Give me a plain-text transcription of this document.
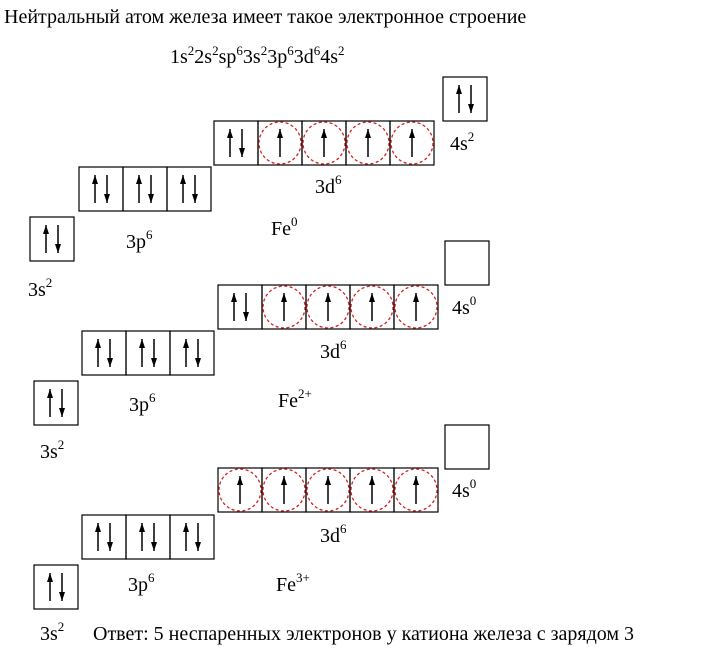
Нейтральный атом железа имеет такое электронное строение
$1s^22s^2sp^63s^23p^63d^64s^2$
$3s^2$
$3p^6$
$3d^6$
$4s^2$
Fe$^0$
$3s^2$
$3p^6$
$3d^6$
$4s^0$
$Fe^{2+}$
$3s^2$
$3p^6$
$3d^6$
$4s^0$
$Fe^{3+}$
Ответ: 5 неспаренных электронов у катиона железа с зарядом 3
